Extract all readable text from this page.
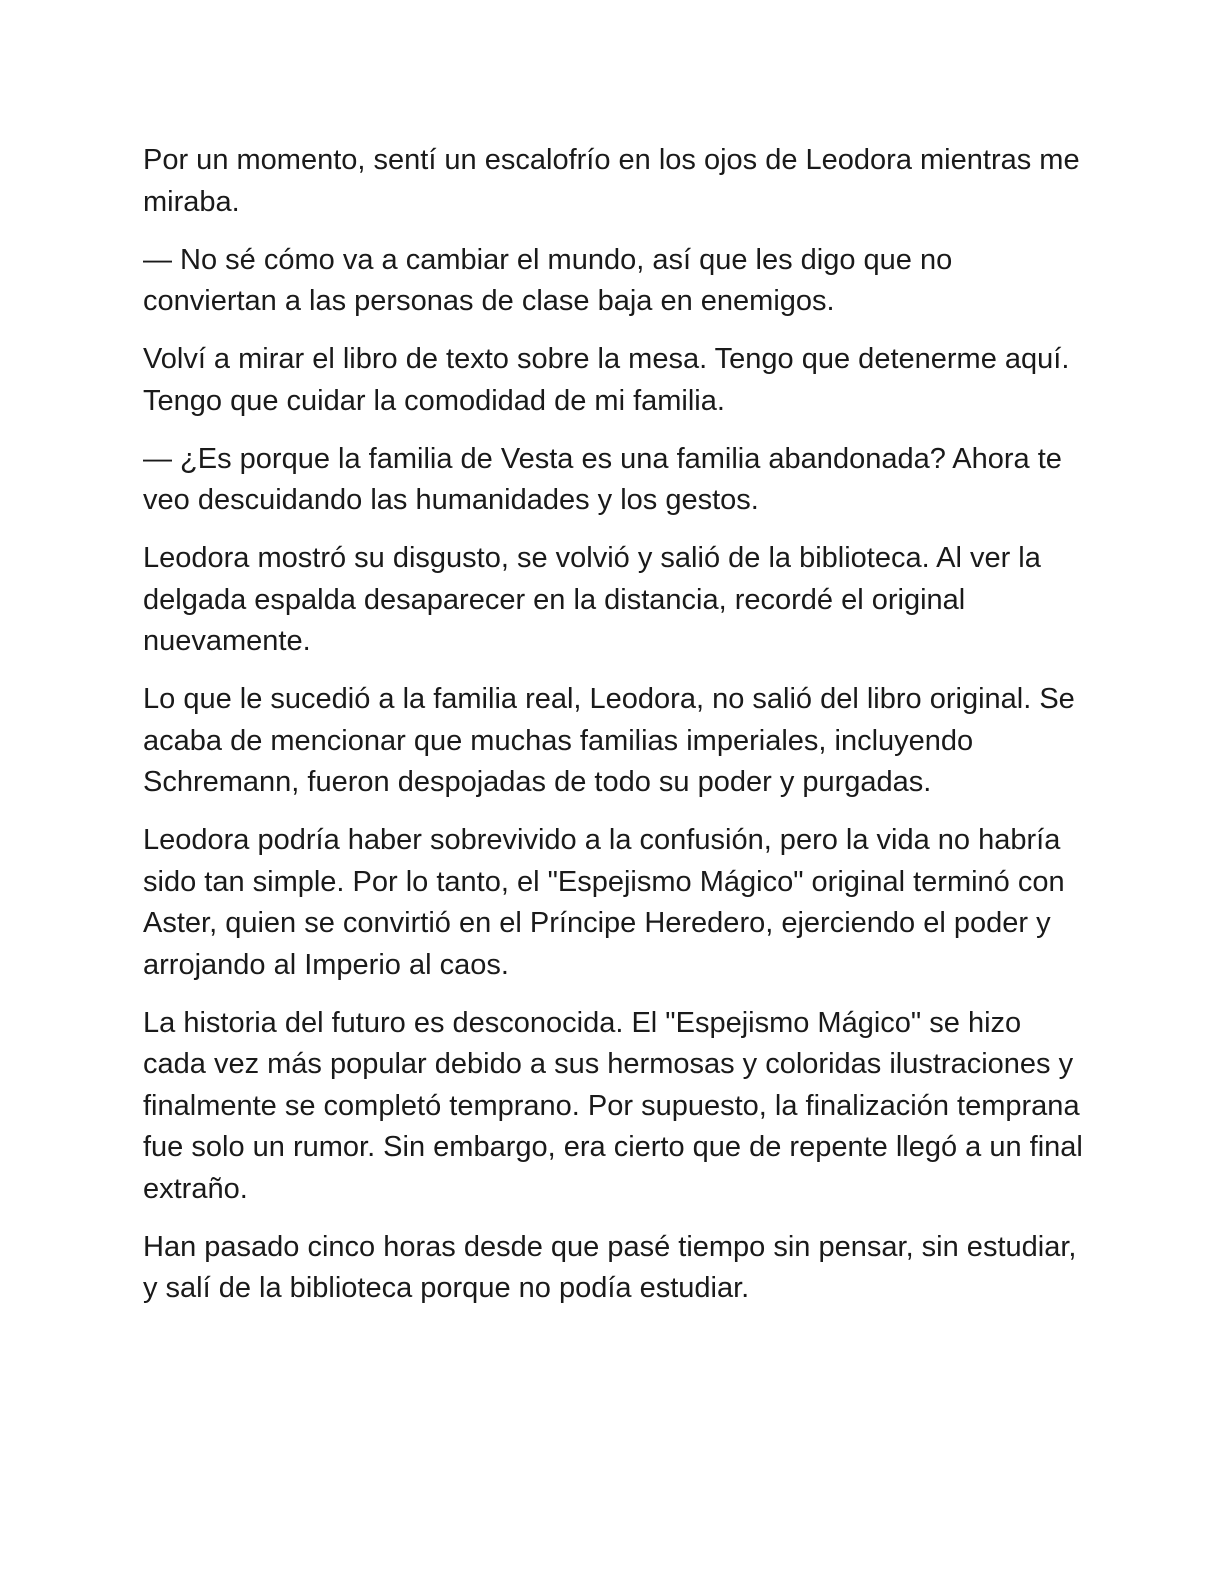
Por un momento, sentí un escalofrío en los ojos de Leodora mientras me miraba.

— No sé cómo va a cambiar el mundo, así que les digo que no conviertan a las personas de clase baja en enemigos.

Volví a mirar el libro de texto sobre la mesa. Tengo que detenerme aquí. Tengo que cuidar la comodidad de mi familia.

— ¿Es porque la familia de Vesta es una familia abandonada? Ahora te veo descuidando las humanidades y los gestos.

Leodora mostró su disgusto, se volvió y salió de la biblioteca. Al ver la delgada espalda desaparecer en la distancia, recordé el original nuevamente.

Lo que le sucedió a la familia real, Leodora, no salió del libro original. Se acaba de mencionar que muchas familias imperiales, incluyendo Schremann, fueron despojadas de todo su poder y purgadas.

Leodora podría haber sobrevivido a la confusión, pero la vida no habría sido tan simple. Por lo tanto, el "Espejismo Mágico" original terminó con Aster, quien se convirtió en el Príncipe Heredero, ejerciendo el poder y arrojando al Imperio al caos.

La historia del futuro es desconocida. El "Espejismo Mágico" se hizo cada vez más popular debido a sus hermosas y coloridas ilustraciones y finalmente se completó temprano. Por supuesto, la finalización temprana fue solo un rumor. Sin embargo, era cierto que de repente llegó a un final extraño.

Han pasado cinco horas desde que pasé tiempo sin pensar, sin estudiar, y salí de la biblioteca porque no podía estudiar.
